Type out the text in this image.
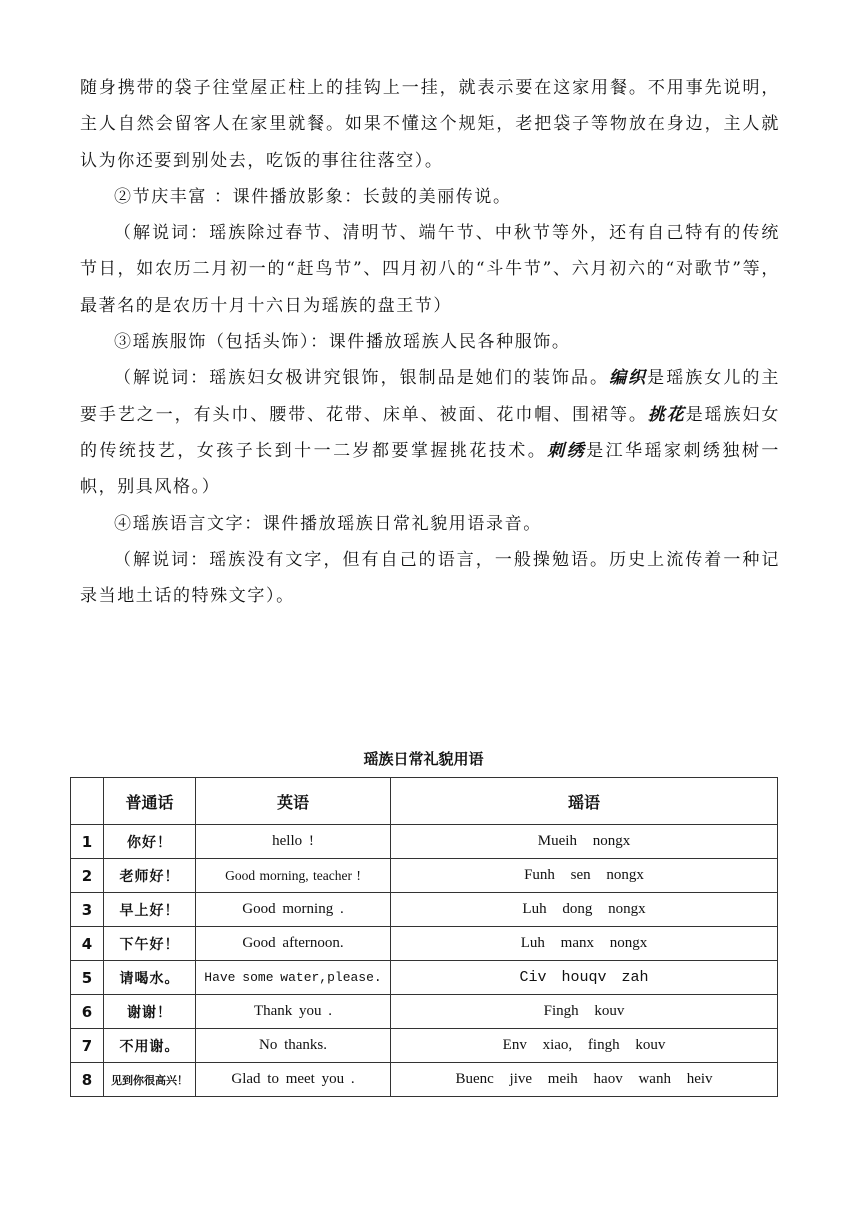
随身携带的袋子往堂屋正柱上的挂钩上一挂，就表示要在这家用餐。不用事先说明，主人自然会留客人在家里就餐。如果不懂这个规矩，老把袋子等物放在身边，主人就认为你还要到别处去，吃饭的事往往落空）。

②节庆丰富 ：课件播放影象：长鼓的美丽传说。

（解说词：瑶族除过春节、清明节、端午节、中秋节等外，还有自己特有的传统节日，如农历二月初一的“赶鸟节”、四月初八的“斗牛节”、六月初六的“对歌节”等，最著名的是农历十月十六日为瑶族的盘王节）

③瑶族服饰（包括头饰）：课件播放瑶族人民各种服饰。

（解说词：瑶族妇女极讲究银饰，银制品是她们的装饰品。编织是瑶族女儿的主要手艺之一，有头巾、腰带、花带、床单、被面、花巾帽、围裙等。挑花是瑶族妇女的传统技艺，女孩子长到十一二岁都要掌握挑花技术。刺绣是江华瑶家刺绣独树一帜，别具风格。）

④瑶族语言文字：课件播放瑶族日常礼貌用语录音。

（解说词：瑶族没有文字，但有自己的语言，一般操勉语。历史上流传着一种记录当地土话的特殊文字）。

瑶族日常礼貌用语
	普通话	英语	瑶语
1	你好！	hello !	Mueih nongx
2	老师好！	Good morning, teacher !	Funh sen nongx
3	早上好！	Good morning .	Luh dong nongx
4	下午好！	Good afternoon.	Luh manx nongx
5	请喝水。	Have some water,please.	Civ houqv zah
6	谢谢！	Thank you .	Fingh kouv
7	不用谢。	No thanks.	Env xiao, fingh kouv
8	见到你很高兴！	Glad to meet you .	Buenc jive meih haov wanh heiv
